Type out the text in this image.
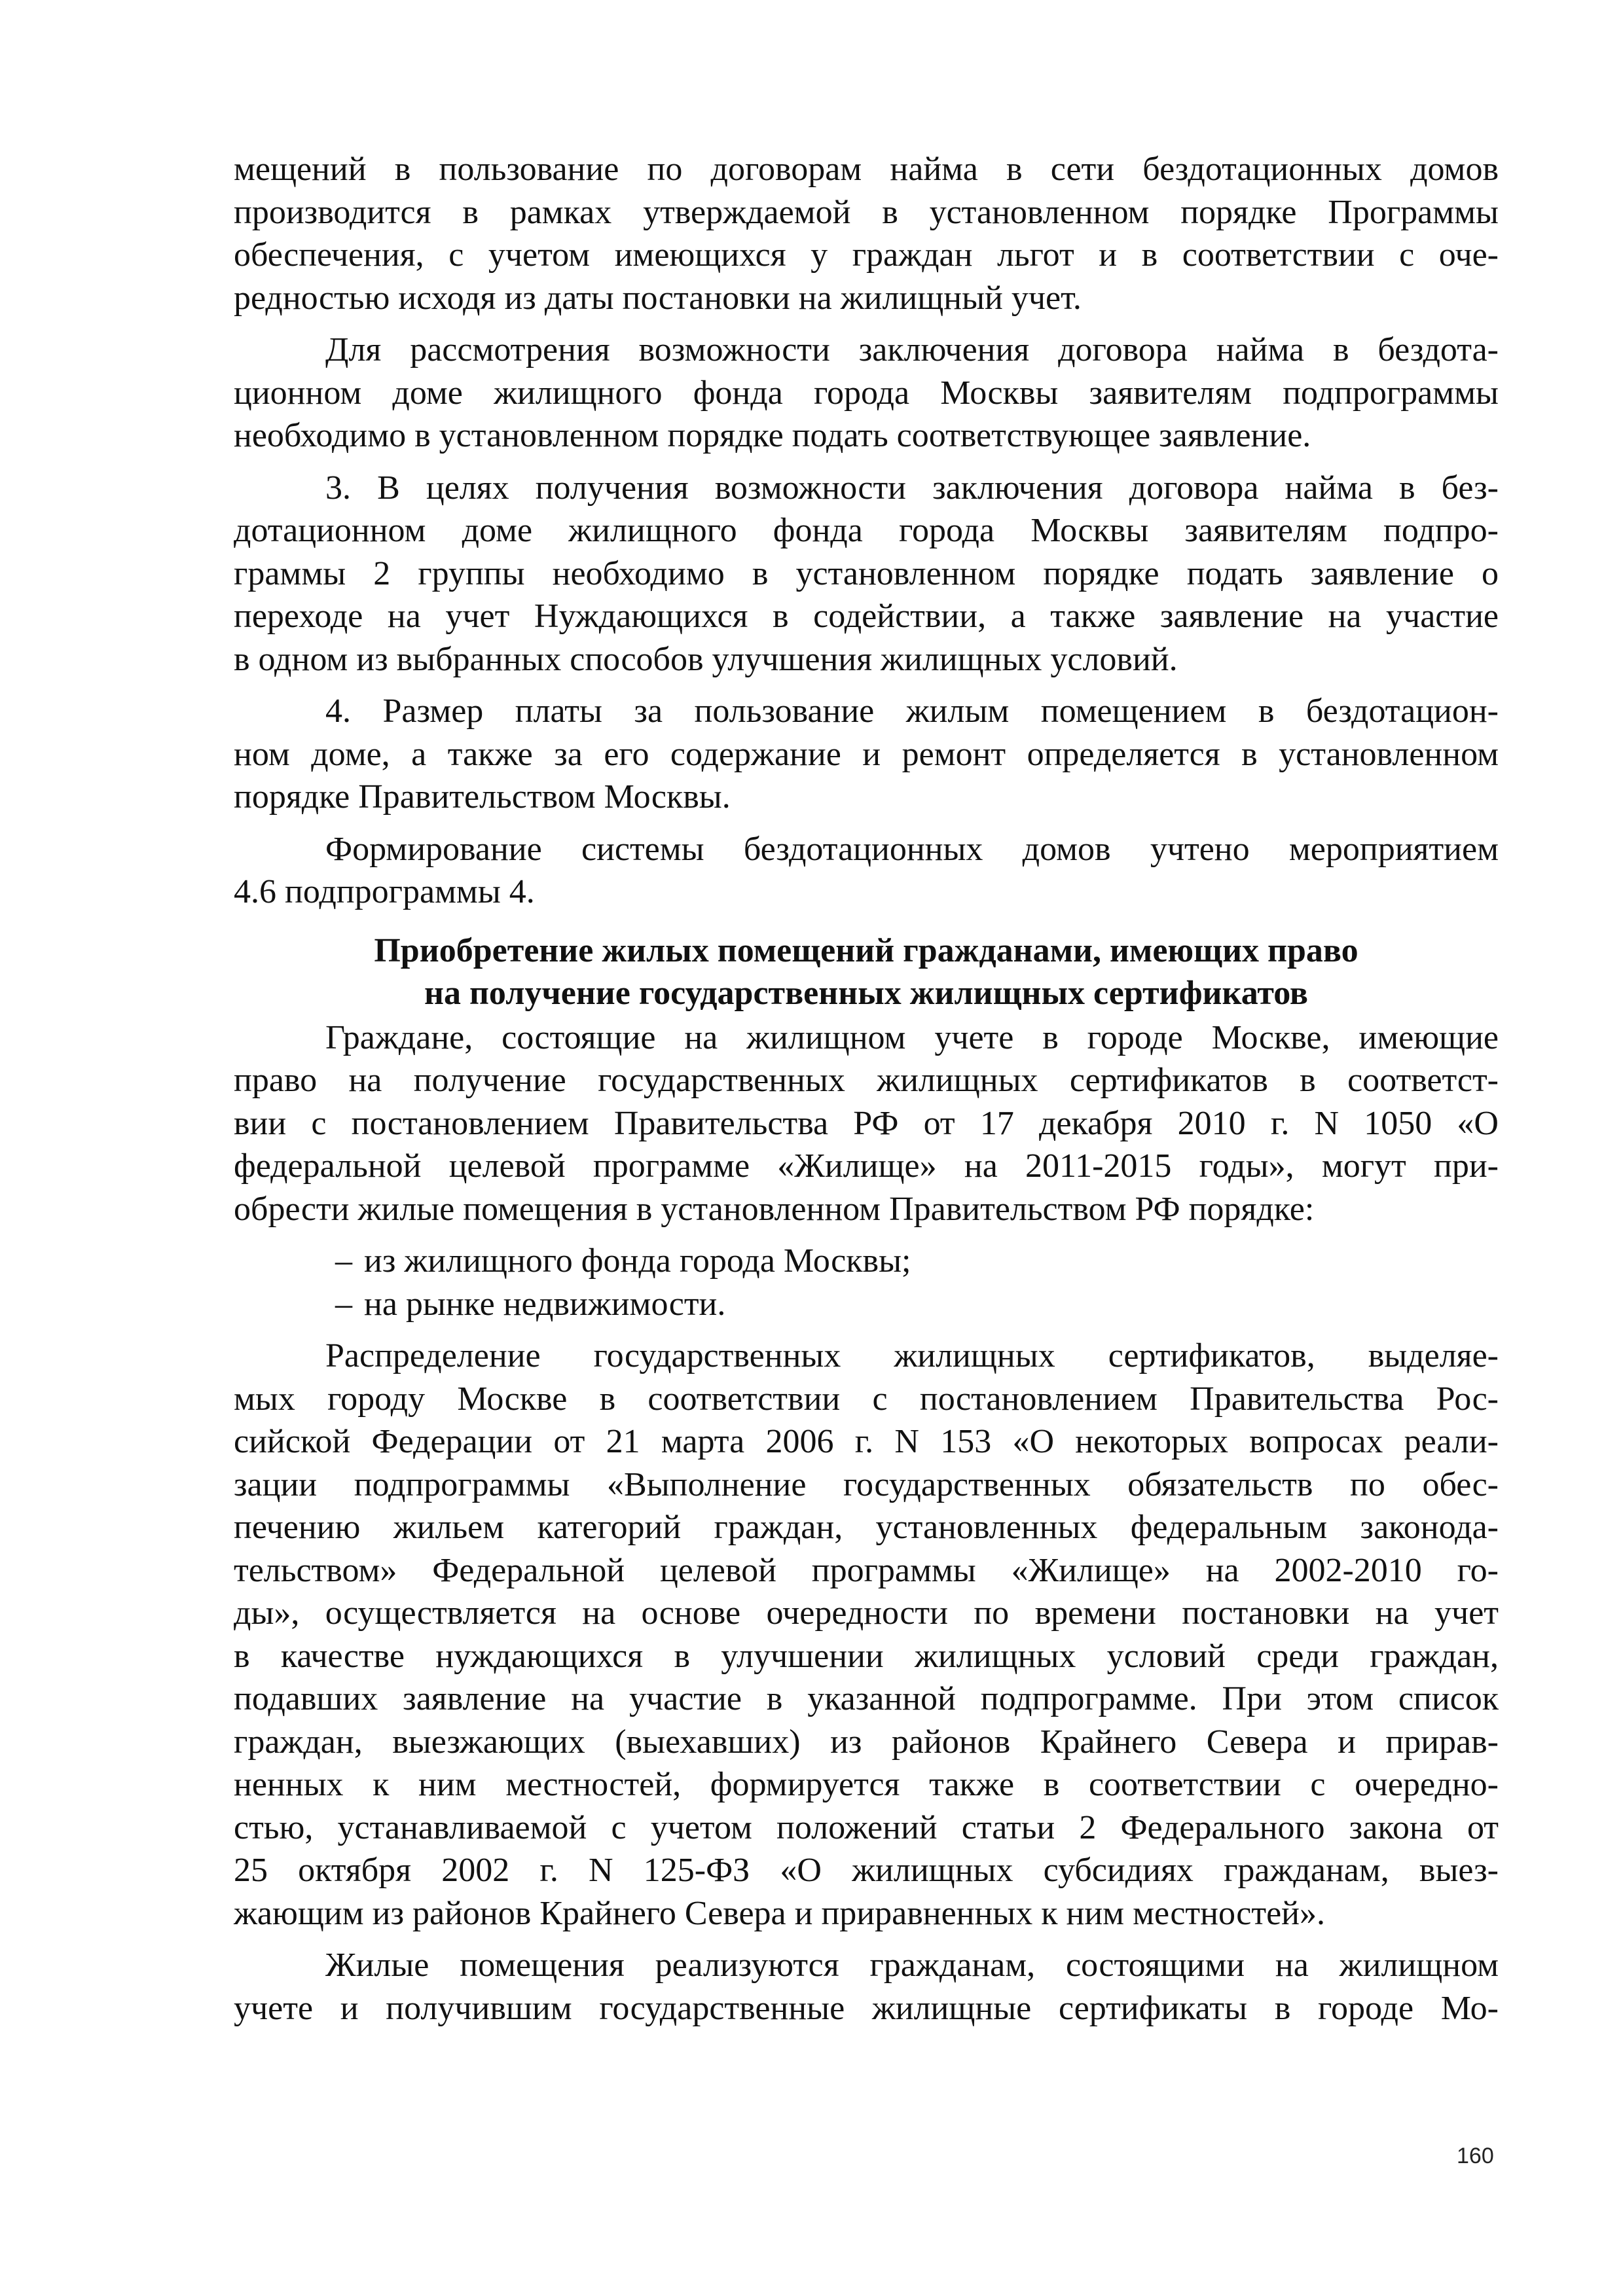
мещений в пользование по договорам найма в сети бездотационных домов
производится в рамках утверждаемой в установленном порядке Программы
обеспечения, с учетом имеющихся у граждан льгот и в соответствии с оче-
редностью исходя из даты постановки на жилищный учет.
Для рассмотрения возможности заключения договора найма в бездота-
ционном доме жилищного фонда города Москвы заявителям подпрограммы
необходимо в установленном порядке подать соответствующее заявление.
3. В целях получения возможности заключения договора найма в без-
дотационном доме жилищного фонда города Москвы заявителям подпро-
граммы 2 группы необходимо в установленном порядке подать заявление о
переходе на учет Нуждающихся в содействии, а также заявление на участие
в одном из выбранных способов улучшения жилищных условий.
4. Размер платы за пользование жилым помещением в бездотацион-
ном доме, а также за его содержание и ремонт определяется в установленном
порядке Правительством Москвы.
Формирование системы бездотационных домов учтено мероприятием
4.6 подпрограммы 4.
Приобретение жилых помещений гражданами, имеющих право
на получение государственных жилищных сертификатов
Граждане, состоящие на жилищном учете в городе Москве, имеющие
право на получение государственных жилищных сертификатов в соответст-
вии с постановлением Правительства РФ от 17 декабря 2010 г. N 1050 «О
федеральной целевой программе «Жилище» на 2011-2015 годы», могут при-
обрести жилые помещения в установленном Правительством РФ порядке:
– из жилищного фонда города Москвы;
– на рынке недвижимости.
Распределение государственных жилищных сертификатов, выделяе-
мых городу Москве в соответствии с постановлением Правительства Рос-
сийской Федерации от 21 марта 2006 г. N 153 «О некоторых вопросах реали-
зации подпрограммы «Выполнение государственных обязательств по обес-
печению жильем категорий граждан, установленных федеральным законода-
тельством» Федеральной целевой программы «Жилище» на 2002-2010 го-
ды», осуществляется на основе очередности по времени постановки на учет
в качестве нуждающихся в улучшении жилищных условий среди граждан,
подавших заявление на участие в указанной подпрограмме. При этом список
граждан, выезжающих (выехавших) из районов Крайнего Севера и прирав-
ненных к ним местностей, формируется также в соответствии с очередно-
стью, устанавливаемой с учетом положений статьи 2 Федерального закона от
25 октября 2002 г. N 125-ФЗ «О жилищных субсидиях гражданам, выез-
жающим из районов Крайнего Севера и приравненных к ним местностей».
Жилые помещения реализуются гражданам, состоящими на жилищном
учете и получившим государственные жилищные сертификаты в городе Мо-
160
